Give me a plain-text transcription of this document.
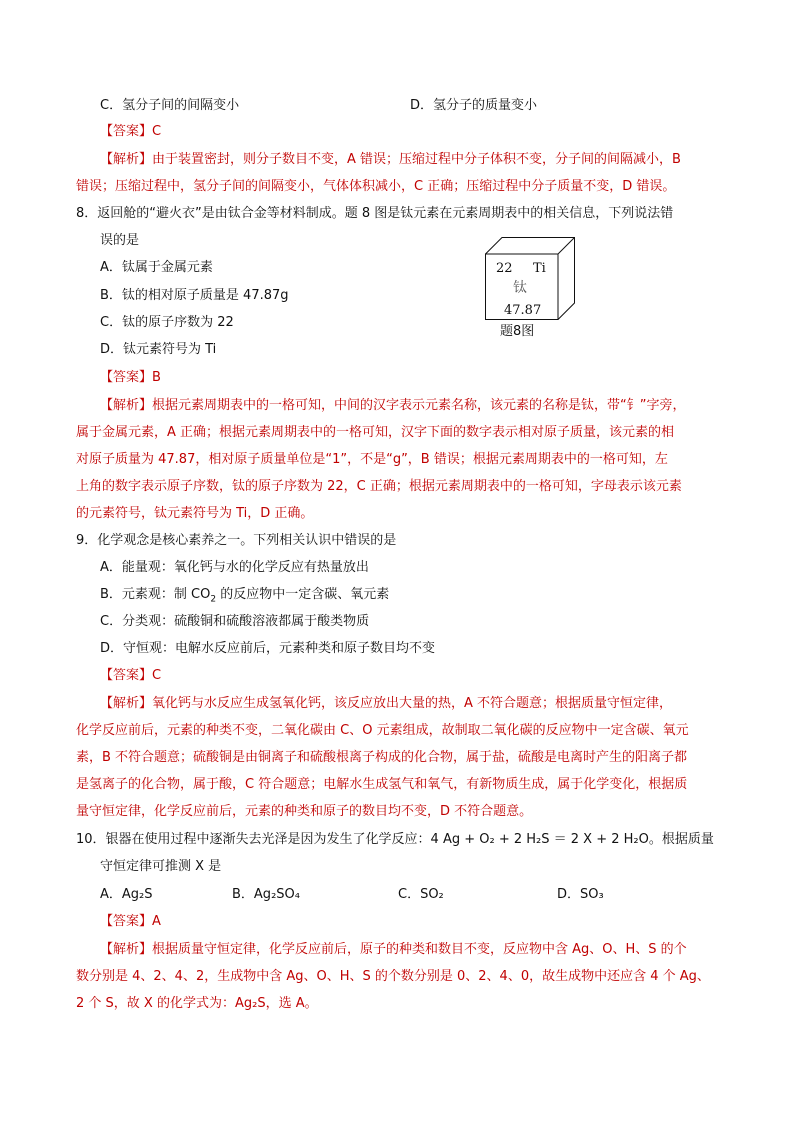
C．氢分子间的间隔变小	D．氢分子的质量变小
【答案】C
【解析】由于装置密封，则分子数目不变，A 错误；压缩过程中分子体积不变，分子间的间隔减小，B
错误；压缩过程中，氢分子间的间隔变小，气体体积减小，C 正确；压缩过程中分子质量不变，D 错误。
8．返回舱的“避火衣”是由钛合金等材料制成。题 8 图是钛元素在元素周期表中的相关信息，下列说法错
误的是
A．钛属于金属元素
B．钛的相对原子质量是 47.87g
C．钛的原子序数为 22
D．钛元素符号为 Ti
22 Ti
钛
47.87
题8图
【答案】B
【解析】根据元素周期表中的一格可知，中间的汉字表示元素名称，该元素的名称是钛，带“钅”字旁，
属于金属元素，A 正确；根据元素周期表中的一格可知，汉字下面的数字表示相对原子质量，该元素的相
对原子质量为 47.87，相对原子质量单位是“1”，不是“g”，B 错误；根据元素周期表中的一格可知，左
上角的数字表示原子序数，钛的原子序数为 22，C 正确；根据元素周期表中的一格可知，字母表示该元素
的元素符号，钛元素符号为 Ti，D 正确。
9．化学观念是核心素养之一。下列相关认识中错误的是
A．能量观：氧化钙与水的化学反应有热量放出
B．元素观：制 $CO_2$ 的反应物中一定含碳、氧元素
C．分类观：硫酸铜和硫酸溶液都属于酸类物质
D．守恒观：电解水反应前后，元素种类和原子数目均不变
【答案】C
【解析】氧化钙与水反应生成氢氧化钙，该反应放出大量的热，A 不符合题意；根据质量守恒定律，
化学反应前后，元素的种类不变，二氧化碳由 C、O 元素组成，故制取二氧化碳的反应物中一定含碳、氧元
素，B 不符合题意；硫酸铜是由铜离子和硫酸根离子构成的化合物，属于盐，硫酸是电离时产生的阳离子都
是氢离子的化合物，属于酸，C 符合题意；电解水生成氢气和氧气，有新物质生成，属于化学变化，根据质
量守恒定律，化学反应前后，元素的种类和原子的数目均不变，D 不符合题意。
10．银器在使用过程中逐渐失去光泽是因为发生了化学反应：4 Ag + O₂ + 2 H₂S ＝ 2 X + 2 H₂O。根据质量
守恒定律可推测 X 是
A．Ag₂S	B．Ag₂SO₄	C．SO₂	D．SO₃
【答案】A
【解析】根据质量守恒定律，化学反应前后，原子的种类和数目不变，反应物中含 Ag、O、H、S 的个
数分别是 4、2、4、2，生成物中含 Ag、O、H、S 的个数分别是 0、2、4、0，故生成物中还应含 4 个 Ag、
2 个 S，故 X 的化学式为：Ag₂S，选 A。
